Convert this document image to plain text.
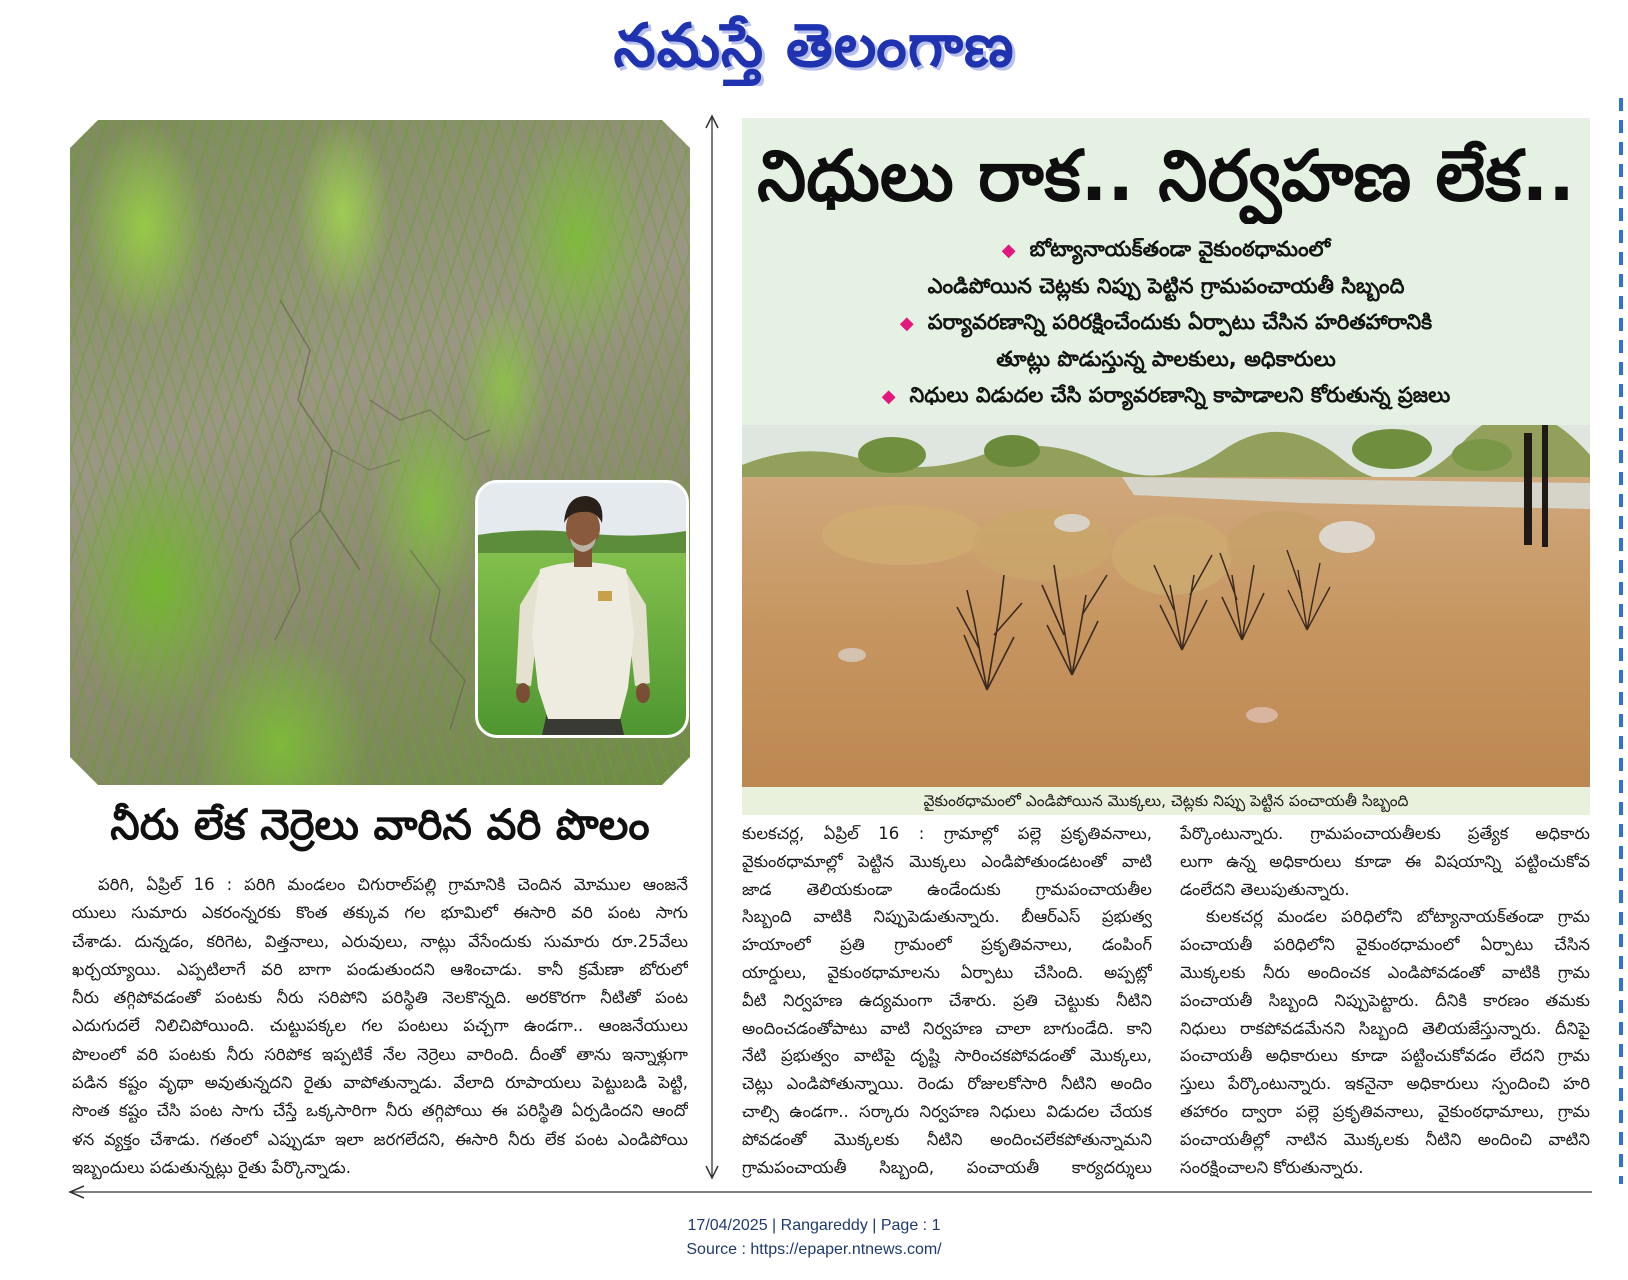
నమస్తే తెలంగాణ
నీరు లేక నెర్రెలు వారిన వరి పొలం
పరిగి, ఏప్రిల్ 16 : పరిగి మండలం చిగురాల్‌పల్లి గ్రామానికి చెందిన మోముల ఆంజనే
యులు సుమారు ఎకరంన్నరకు కొంత తక్కువ గల భూమిలో ఈసారి వరి పంట సాగు
చేశాడు. దున్నడం, కరిగెట, విత్తనాలు, ఎరువులు, నాట్లు వేసేందుకు సుమారు రూ.25వేలు
ఖర్చయ్యాయి. ఎప్పటిలాగే వరి బాగా పండుతుందని ఆశించాడు. కానీ క్రమేణా బోరులో
నీరు తగ్గిపోవడంతో పంటకు నీరు సరిపోని పరిస్థితి నెలకొన్నది. అరకొరగా నీటితో పంట
ఎదుగుదలే నిలిచిపోయింది. చుట్టుపక్కల గల పంటలు పచ్చగా ఉండగా.. ఆంజనేయులు
పొలంలో వరి పంటకు నీరు సరిపోక ఇప్పటికే నేల నెర్రెలు వారింది. దీంతో తాను ఇన్నాళ్లుగా
పడిన కష్టం వృథా అవుతున్నదని రైతు వాపోతున్నాడు. వేలాది రూపాయలు పెట్టుబడి పెట్టి,
సొంత కష్టం చేసి పంట సాగు చేస్తే ఒక్కసారిగా నీరు తగ్గిపోయి ఈ పరిస్థితి ఏర్పడిందని ఆందో
ళన వ్యక్తం చేశాడు. గతంలో ఎప్పుడూ ఇలా జరగలేదని, ఈసారి నీరు లేక పంట ఎండిపోయి
ఇబ్బందులు పడుతున్నట్లు రైతు పేర్కొన్నాడు.
నిధులు రాక.. నిర్వహణ లేక..
◆ బోట్యానాయక్‌తండా వైకుంఠధామంలో
ఎండిపోయిన చెట్లకు నిప్పు పెట్టిన గ్రామపంచాయతీ సిబ్బంది
◆ పర్యావరణాన్ని పరిరక్షించేందుకు ఏర్పాటు చేసిన హరితహారానికి
తూట్లు పొడుస్తున్న పాలకులు, అధికారులు
◆ నిధులు విడుదల చేసి పర్యావరణాన్ని కాపాడాలని కోరుతున్న ప్రజలు
వైకుంఠధామంలో ఎండిపోయిన మొక్కలు, చెట్లకు నిప్పు పెట్టిన పంచాయతీ సిబ్బంది
కులకచర్ల, ఏప్రిల్ 16 : గ్రామాల్లో పల్లె ప్రకృతివనాలు,
వైకుంఠధామాల్లో పెట్టిన మొక్కలు ఎండిపోతుండటంతో వాటి
జాడ తెలియకుండా ఉండేందుకు గ్రామపంచాయతీల
సిబ్బంది వాటికి నిప్పుపెడుతున్నారు. బీఆర్‌ఎస్ ప్రభుత్వ
హయాంలో ప్రతి గ్రామంలో ప్రకృతివనాలు, డంపింగ్
యార్డులు, వైకుంఠధామాలను ఏర్పాటు చేసింది. అప్పట్లో
వీటి నిర్వహణ ఉద్యమంగా చేశారు. ప్రతి చెట్టుకు నీటిని
అందించడంతోపాటు వాటి నిర్వహణ చాలా బాగుండేది. కాని
నేటి ప్రభుత్వం వాటిపై దృష్టి సారించకపోవడంతో మొక్కలు,
చెట్లు ఎండిపోతున్నాయి. రెండు రోజులకోసారి నీటిని అందిం
చాల్సి ఉండగా.. సర్కారు నిర్వహణ నిధులు విడుదల చేయక
పోవడంతో మొక్కలకు నీటిని అందించలేకపోతున్నామని
గ్రామపంచాయతీ సిబ్బంది, పంచాయతీ కార్యదర్శులు
పేర్కొంటున్నారు. గ్రామపంచాయతీలకు ప్రత్యేక అధికారు
లుగా ఉన్న అధికారులు కూడా ఈ విషయాన్ని పట్టించుకోవ
డంలేదని తెలుపుతున్నారు.
కులకచర్ల మండల పరిధిలోని బోట్యానాయక్‌తండా గ్రామ
పంచాయతీ పరిధిలోని వైకుంఠధామంలో ఏర్పాటు చేసిన
మొక్కలకు నీరు అందించక ఎండిపోవడంతో వాటికి గ్రామ
పంచాయతీ సిబ్బంది నిప్పుపెట్టారు. దీనికి కారణం తమకు
నిధులు రాకపోవడమేనని సిబ్బంది తెలియజేస్తున్నారు. దీనిపై
పంచాయతీ అధికారులు కూడా పట్టించుకోవడం లేదని గ్రామ
స్తులు పేర్కొంటున్నారు. ఇకనైనా అధికారులు స్పందించి హరి
తహారం ద్వారా పల్లె ప్రకృతివనాలు, వైకుంఠధామాలు, గ్రామ
పంచాయతీల్లో నాటిన మొక్కలకు నీటిని అందించి వాటిని
సంరక్షించాలని కోరుతున్నారు.
17/04/2025 | Rangareddy | Page : 1
Source : https://epaper.ntnews.com/
